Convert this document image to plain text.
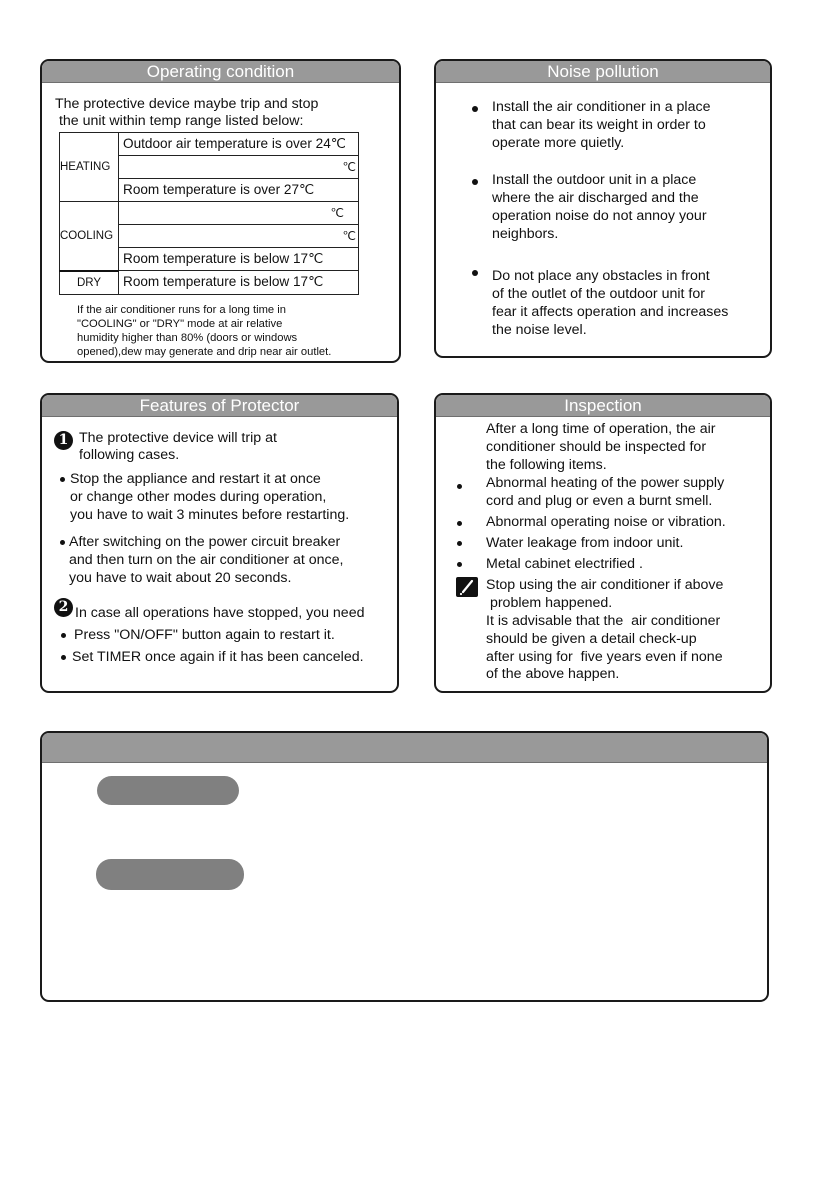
Operating condition
The protective device maybe trip and stop
the unit within temp range listed below:
HEATING	Outdoor air temperature is over 24℃
	℃
	Room temperature is over 27℃
COOLING	℃
	℃
	Room temperature is below 17℃
DRY	Room temperature is below 17℃
If the air conditioner runs for a long time in
"COOLING" or "DRY" mode at air relative
humidity higher than 80% (doors or windows
opened),dew may generate and drip near air outlet.
Noise pollution
Install the air conditioner in a place
that can bear its weight in order to
operate more quietly.
Install the outdoor unit in a place
where the air discharged and the
operation noise do not annoy your
neighbors.
Do not place any obstacles in front
of the outlet of the outdoor unit for
fear it affects operation and increases
the noise level.
Features of Protector
1 The protective device will trip at
following cases.
Stop the appliance and restart it at once
or change other modes during operation,
you have to wait 3 minutes before restarting.
After switching on the power circuit breaker
and then turn on the air conditioner at once,
you have to wait about 20 seconds.
2 In case all operations have stopped, you need
Press "ON/OFF" button again to restart it.
Set TIMER once again if it has been canceled.
Inspection
After a long time of operation, the air
conditioner should be inspected for
the following items.
Abnormal heating of the power supply
cord and plug or even a burnt smell.
Abnormal operating noise or vibration.
Water leakage from indoor unit.
Metal cabinet electrified .
Stop using the air conditioner if above
problem happened.
It is advisable that the  air conditioner
should be given a detail check-up
after using for  five years even if none
of the above happen.
